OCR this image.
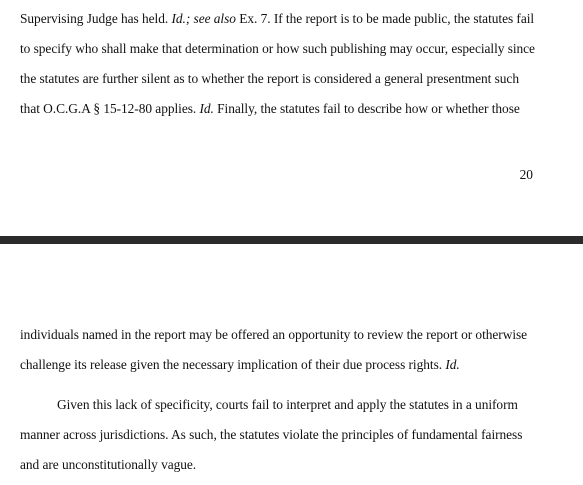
Supervising Judge has held. Id.; see also Ex. 7. If the report is to be made public, the statutes fail

to specify who shall make that determination or how such publishing may occur, especially since

the statutes are further silent as to whether the report is considered a general presentment such

that O.C.G.A § 15-12-80 applies. Id. Finally, the statutes fail to describe how or whether those

20

individuals named in the report may be offered an opportunity to review the report or otherwise

challenge its release given the necessary implication of their due process rights. Id.

Given this lack of specificity, courts fail to interpret and apply the statutes in a uniform

manner across jurisdictions. As such, the statutes violate the principles of fundamental fairness

and are unconstitutionally vague.
